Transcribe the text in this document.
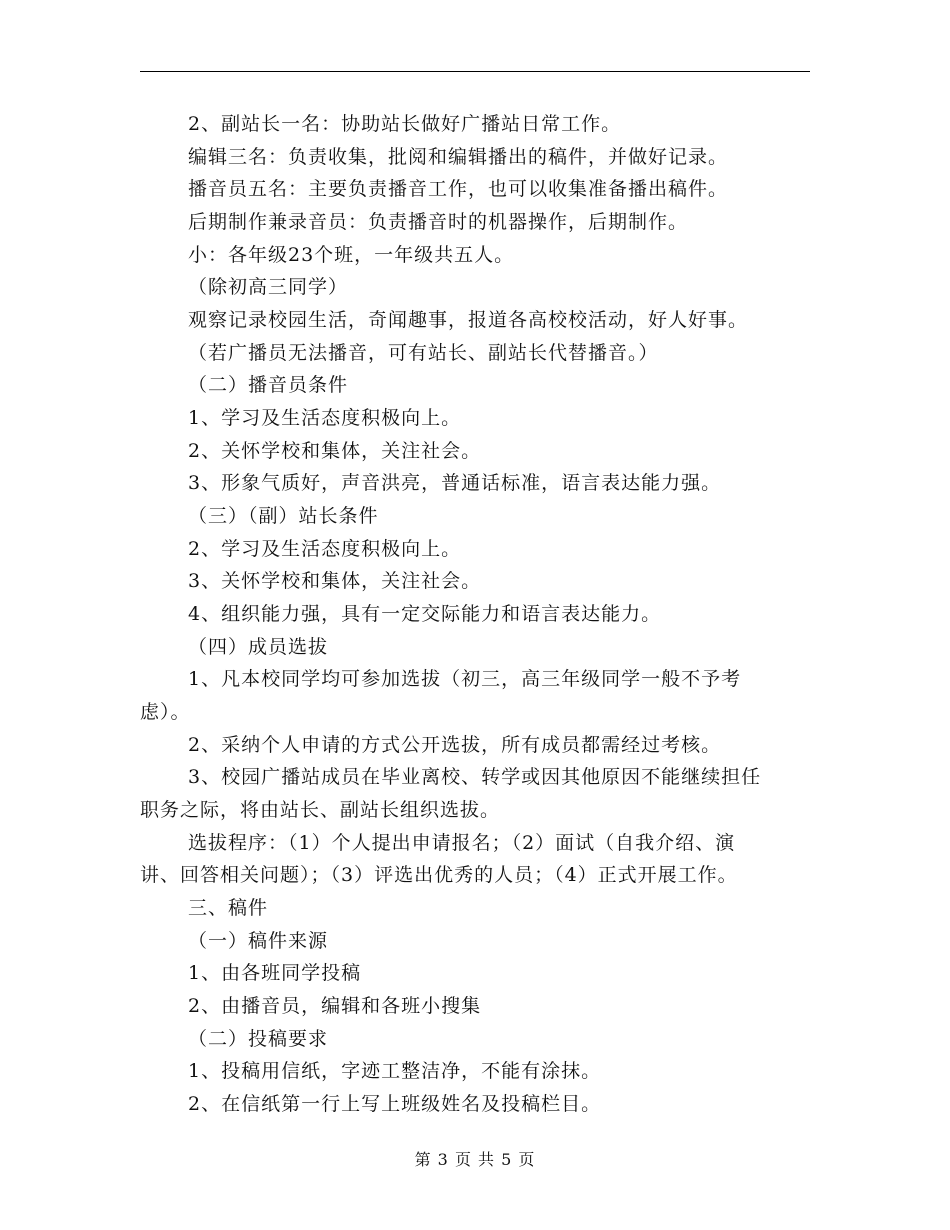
2、副站长一名：协助站长做好广播站日常工作。
编辑三名：负责收集，批阅和编辑播出的稿件，并做好记录。
播音员五名：主要负责播音工作，也可以收集准备播出稿件。
后期制作兼录音员：负责播音时的机器操作，后期制作。
小：各年级23个班，一年级共五人。
（除初高三同学）
观察记录校园生活，奇闻趣事，报道各高校校活动，好人好事。
（若广播员无法播音，可有站长、副站长代替播音。）
（二）播音员条件
1、学习及生活态度积极向上。
2、关怀学校和集体，关注社会。
3、形象气质好，声音洪亮，普通话标准，语言表达能力强。
（三）（副）站长条件
2、学习及生活态度积极向上。
3、关怀学校和集体，关注社会。
4、组织能力强，具有一定交际能力和语言表达能力。
（四）成员选拔
1、凡本校同学均可参加选拔（初三，高三年级同学一般不予考
虑）。
2、采纳个人申请的方式公开选拔，所有成员都需经过考核。
3、校园广播站成员在毕业离校、转学或因其他原因不能继续担任
职务之际，将由站长、副站长组织选拔。
选拔程序：（1）个人提出申请报名；（2）面试（自我介绍、演
讲、回答相关问题）；（3）评选出优秀的人员；（4）正式开展工作。
三、稿件
（一）稿件来源
1、由各班同学投稿
2、由播音员，编辑和各班小搜集
（二）投稿要求
1、投稿用信纸，字迹工整洁净，不能有涂抹。
2、在信纸第一行上写上班级姓名及投稿栏目。
第 3 页 共 5 页
